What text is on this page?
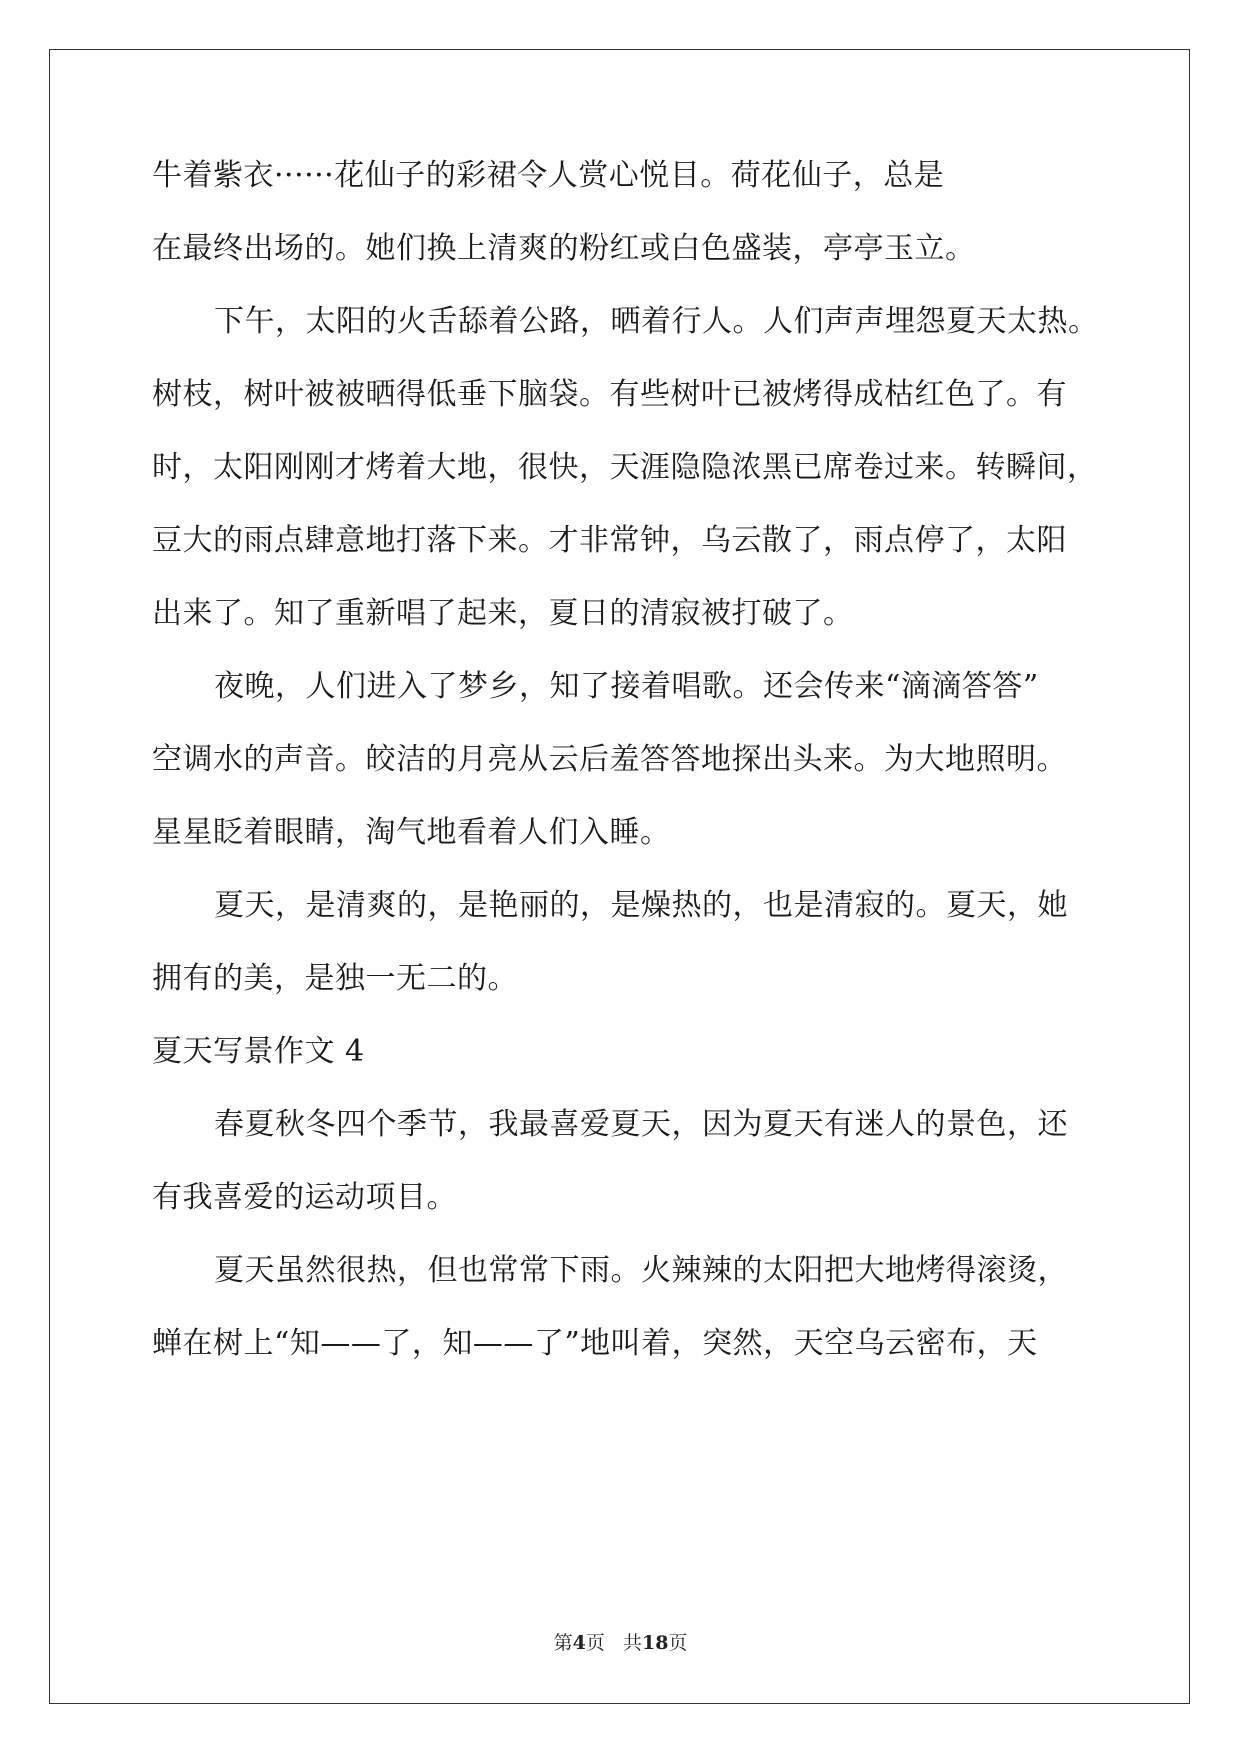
牛着紫衣······花仙子的彩裙令人赏心悦目。荷花仙子，总是
在最终出场的。她们换上清爽的粉红或白色盛装，亭亭玉立。
下午，太阳的火舌舔着公路，晒着行人。人们声声埋怨夏天太热。
树枝，树叶被被晒得低垂下脑袋。有些树叶已被烤得成枯红色了。有
时，太阳刚刚才烤着大地，很快，天涯隐隐浓黑已席卷过来。转瞬间，
豆大的雨点肆意地打落下来。才非常钟，乌云散了，雨点停了，太阳
出来了。知了重新唱了起来，夏日的清寂被打破了。
夜晚，人们进入了梦乡，知了接着唱歌。还会传来“滴滴答答”
空调水的声音。皎洁的月亮从云后羞答答地探出头来。为大地照明。
星星眨着眼睛，淘气地看着人们入睡。
夏天，是清爽的，是艳丽的，是燥热的，也是清寂的。夏天，她
拥有的美，是独一无二的。
夏天写景作文 4
春夏秋冬四个季节，我最喜爱夏天，因为夏天有迷人的景色，还
有我喜爱的运动项目。
夏天虽然很热，但也常常下雨。火辣辣的太阳把大地烤得滚烫，
蝉在树上“知——了，知——了”地叫着，突然，天空乌云密布，天
第4页 共18页
